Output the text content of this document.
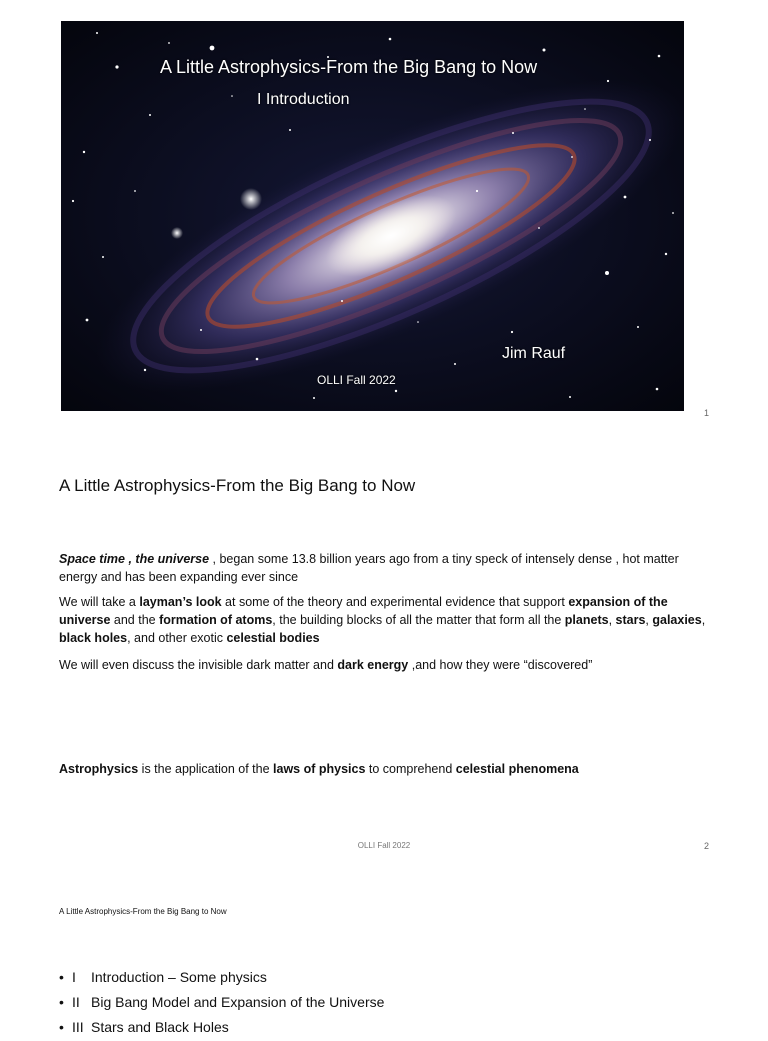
A Little Astrophysics-From the Big Bang to Now
I Introduction
Jim Rauf
OLLI Fall 2022
1
A Little Astrophysics-From the Big Bang to Now
Space time , the universe , began some 13.8 billion years ago from a tiny speck of intensely dense , hot matter energy and has been expanding ever since
We will take a layman’s look at some of the theory and experimental evidence that support expansion of the universe and the formation of atoms, the building blocks of all the matter that form all the planets, stars, galaxies, black holes, and other exotic celestial bodies
We will even discuss the invisible dark matter and dark energy ,and how they were “discovered”
Astrophysics is the application of the laws of physics to comprehend celestial phenomena
OLLI Fall 2022	2
A Little Astrophysics-From the Big Bang to Now
• I Introduction – Some physics
• II Big Bang Model and Expansion of the Universe
• III Stars and Black Holes
